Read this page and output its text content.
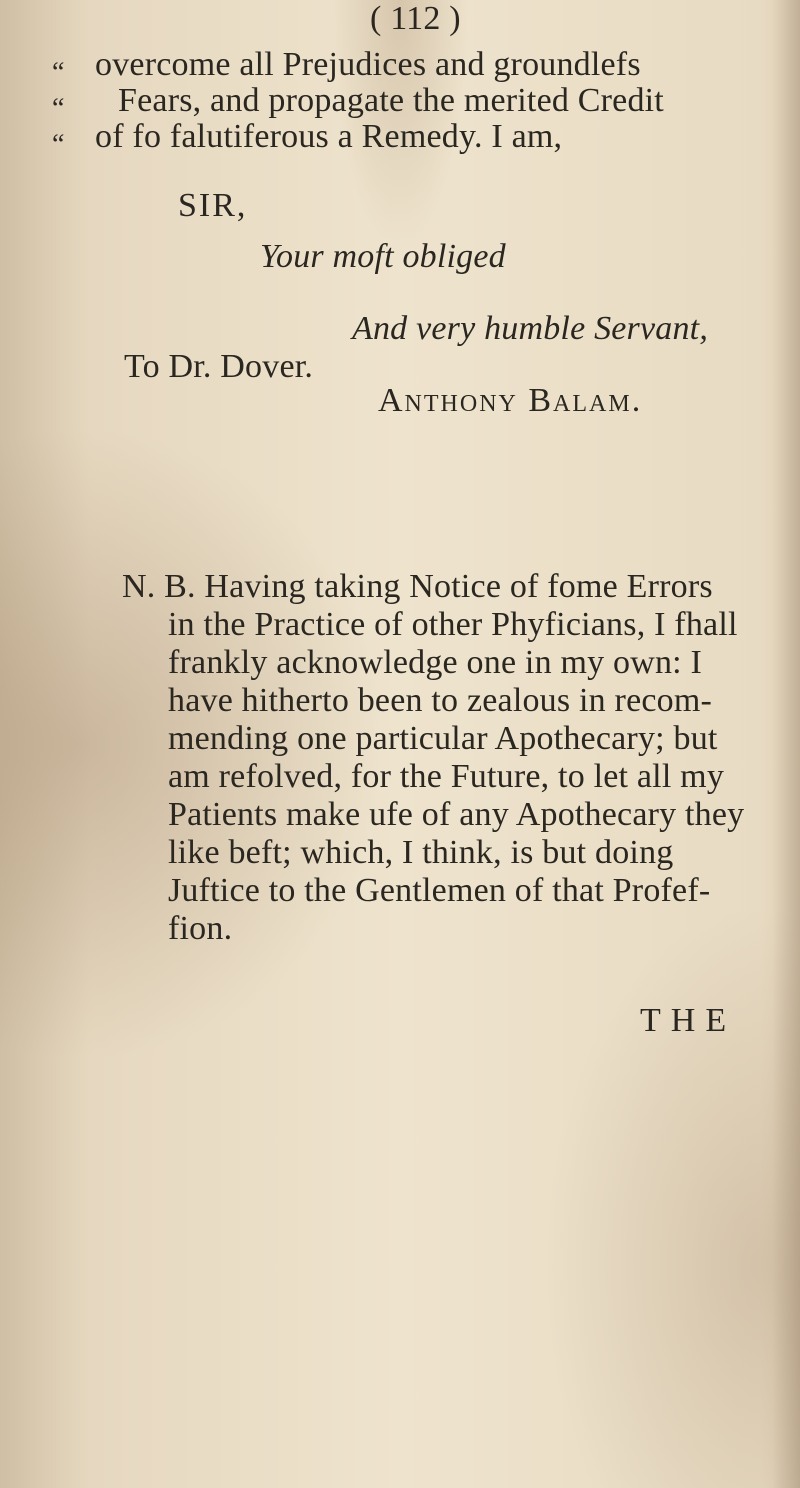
( 112 )
“ overcome all Prejudices and groundlefs
“ Fears, and propagate the merited Credit
“ of fo falutiferous a Remedy. I am,
SIR,
Your moft obliged
And very humble Servant,
To Dr. Dover.
Anthony Balam.
N. B. Having taking Notice of fome Errors
in the Practice of other Phyficians, I fhall
frankly acknowledge one in my own: I
have hitherto been to zealous in recom-
mending one particular Apothecary; but
am refolved, for the Future, to let all my
Patients make ufe of any Apothecary they
like beft; which, I think, is but doing
Juftice to the Gentlemen of that Profef-
fion.
THE
